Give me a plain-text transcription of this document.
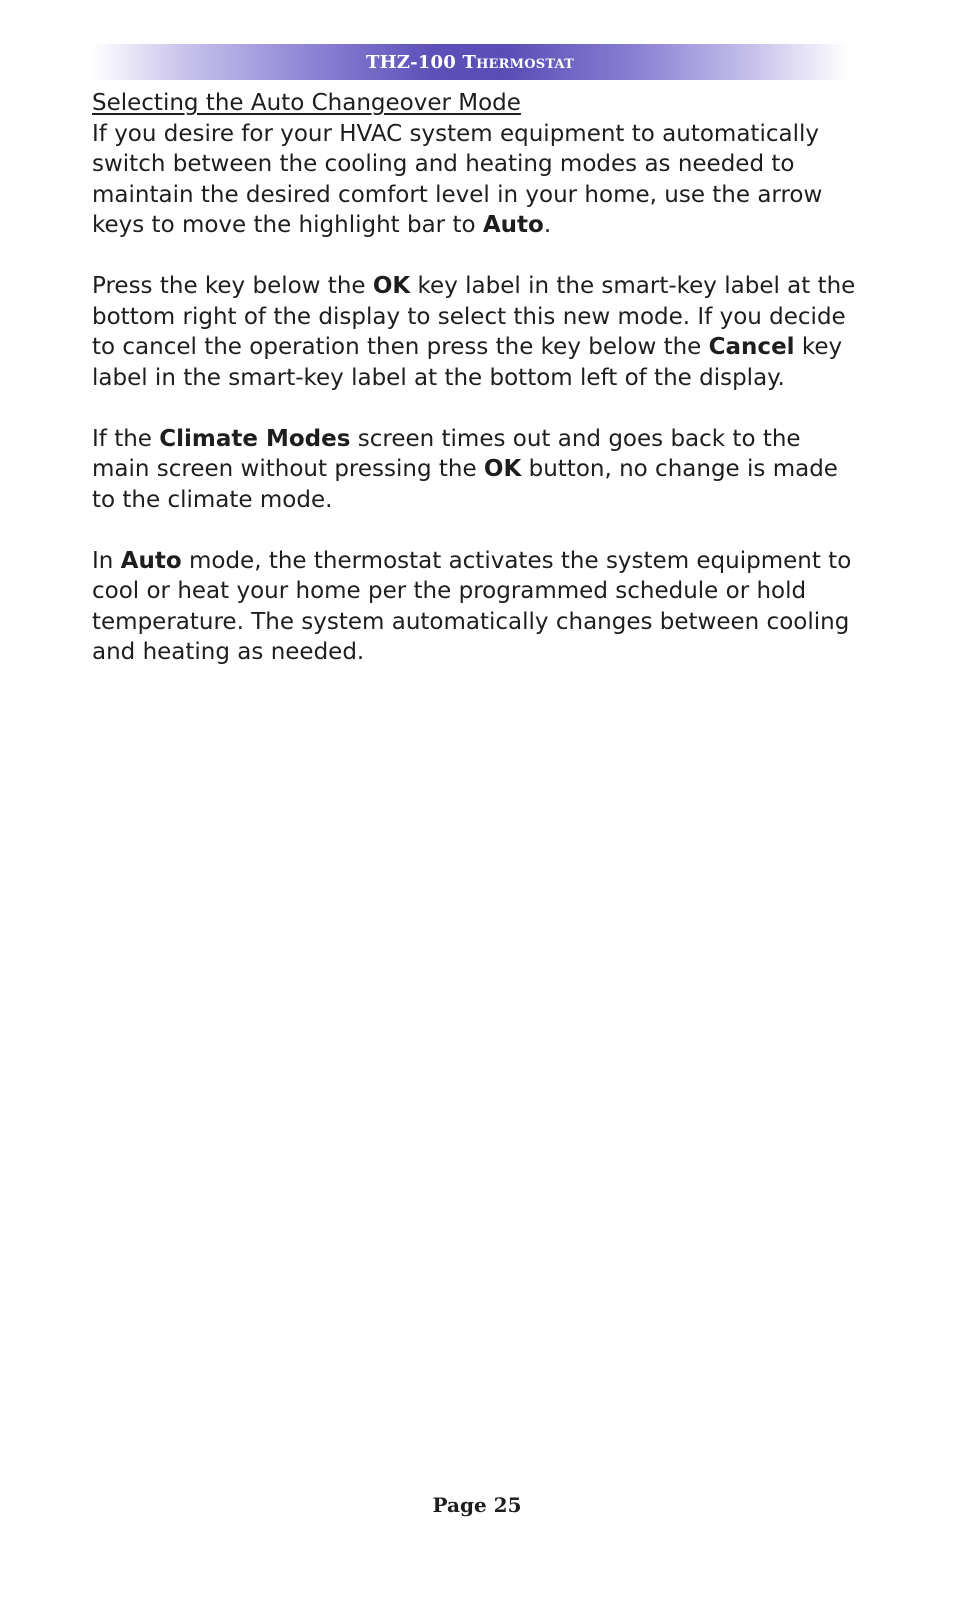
THZ-100 Thermostat
Selecting the Auto Changeover Mode

If you desire for your HVAC system equipment to automatically switch between the cooling and heating modes as needed to maintain the desired comfort level in your home, use the arrow keys to move the highlight bar to Auto.

Press the key below the OK key label in the smart-key label at the bottom right of the display to select this new mode. If you decide to cancel the operation then press the key below the Cancel key label in the smart-key label at the bottom left of the display.

If the Climate Modes screen times out and goes back to the main screen without pressing the OK button, no change is made to the climate mode.

In Auto mode, the thermostat activates the system equipment to cool or heat your home per the programmed schedule or hold temperature. The system automatically changes between cooling and heating as needed.

Page 25
